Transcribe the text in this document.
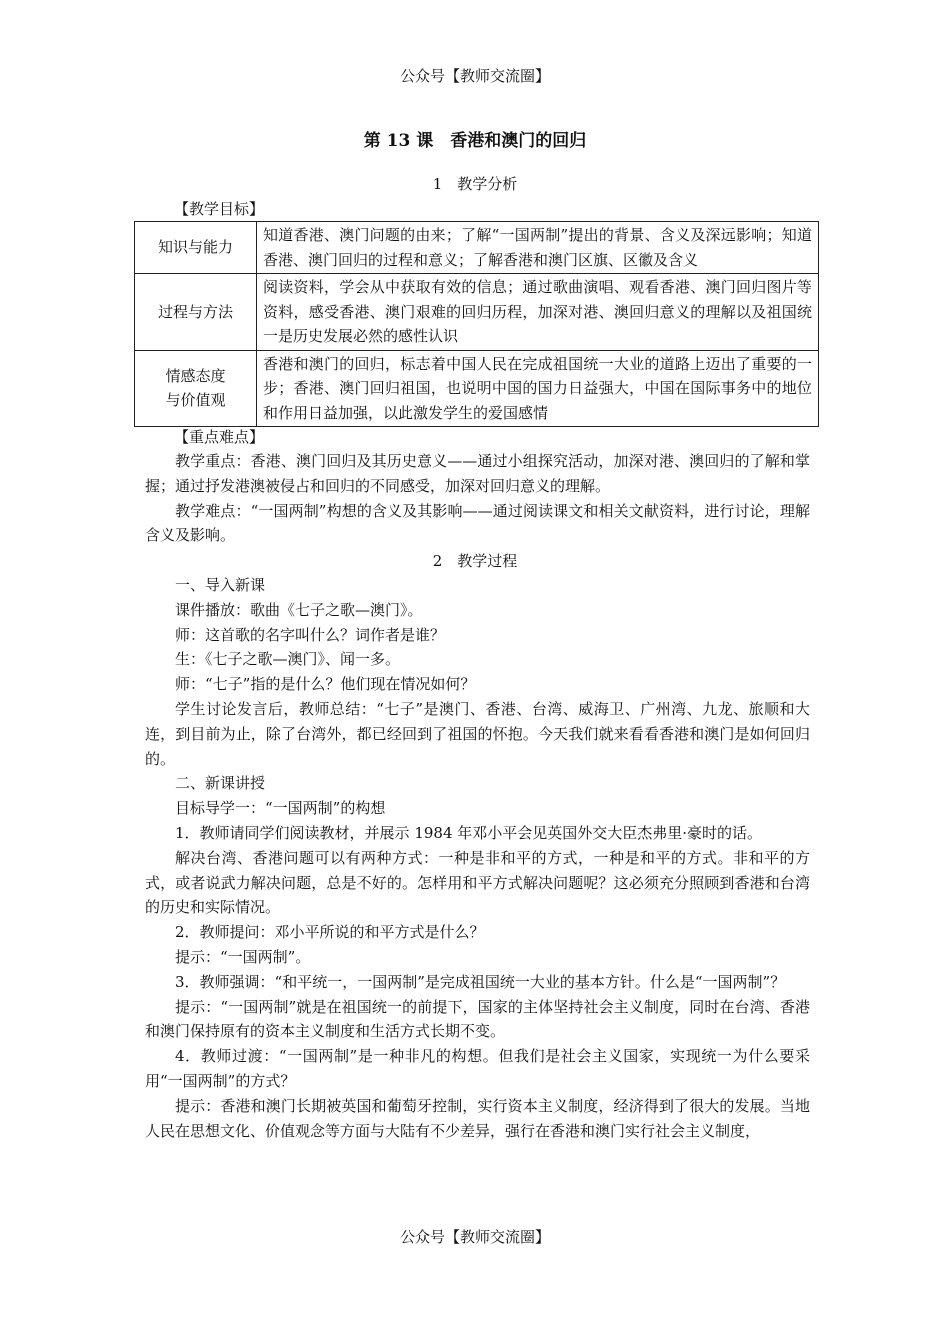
公众号【教师交流圈】
第 13 课　香港和澳门的回归
1　教学分析
【教学目标】
知识与能力	知道香港、澳门问题的由来；了解“一国两制”提出的背景、含义及深远影响；知道香港、澳门回归的过程和意义；了解香港和澳门区旗、区徽及含义
过程与方法	阅读资料，学会从中获取有效的信息；通过歌曲演唱、观看香港、澳门回归图片等资料，感受香港、澳门艰难的回归历程，加深对港、澳回归意义的理解以及祖国统一是历史发展必然的感性认识

情感态度
与价值观	香港和澳门的回归，标志着中国人民在完成祖国统一大业的道路上迈出了重要的一步；香港、澳门回归祖国，也说明中国的国力日益强大，中国在国际事务中的地位和作用日益加强，以此激发学生的爱国感情
【重点难点】

教学重点：香港、澳门回归及其历史意义——通过小组探究活动，加深对港、澳回归的了解和掌握；通过抒发港澳被侵占和回归的不同感受，加深对回归意义的理解。

教学难点：“一国两制”构想的含义及其影响——通过阅读课文和相关文献资料，进行讨论，理解含义及影响。

2　教学过程

一、导入新课

课件播放：歌曲《七子之歌—澳门》。

师：这首歌的名字叫什么？词作者是谁？

生：《七子之歌—澳门》、闻一多。

师：“七子”指的是什么？他们现在情况如何？

学生讨论发言后，教师总结：“七子”是澳门、香港、台湾、威海卫、广州湾、九龙、旅顺和大连，到目前为止，除了台湾外，都已经回到了祖国的怀抱。今天我们就来看看香港和澳门是如何回归的。

二、新课讲授

目标导学一：“一国两制”的构想

1．教师请同学们阅读教材，并展示 1984 年邓小平会见英国外交大臣杰弗里·豪时的话。

解决台湾、香港问题可以有两种方式：一种是非和平的方式，一种是和平的方式。非和平的方式，或者说武力解决问题，总是不好的。怎样用和平方式解决问题呢？这必须充分照顾到香港和台湾的历史和实际情况。

2．教师提问：邓小平所说的和平方式是什么？

提示：“一国两制”。

3．教师强调：“和平统一，一国两制”是完成祖国统一大业的基本方针。什么是“一国两制”？

提示：“一国两制”就是在祖国统一的前提下，国家的主体坚持社会主义制度，同时在台湾、香港和澳门保持原有的资本主义制度和生活方式长期不变。

4．教师过渡：“一国两制”是一种非凡的构想。但我们是社会主义国家，实现统一为什么要采用“一国两制”的方式？

提示：香港和澳门长期被英国和葡萄牙控制，实行资本主义制度，经济得到了很大的发展。当地人民在思想文化、价值观念等方面与大陆有不少差异，强行在香港和澳门实行社会主义制度，

公众号【教师交流圈】
